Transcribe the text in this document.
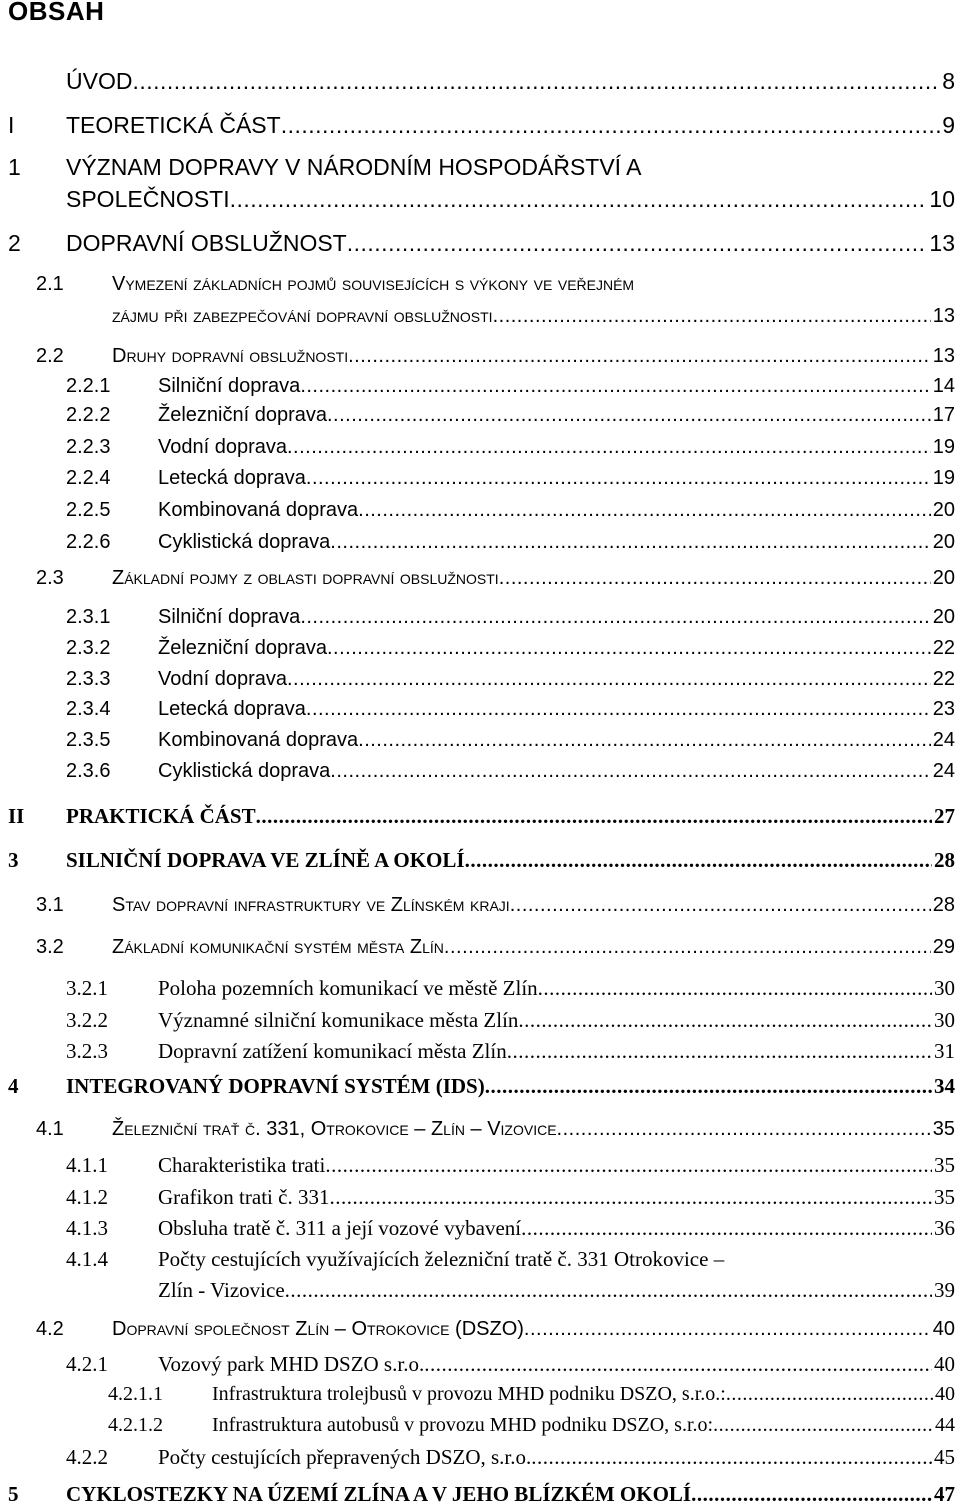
OBSAH
ÚVOD .....	8
I TEORETICKÁ ČÁST .....	9
1 VÝZNAM DOPRAVY V NÁRODNÍM HOSPODÁŘSTVÍ A
SPOLEČNOSTI .....	10
2 DOPRAVNÍ OBSLUŽNOST .....	13
2.1 Vymezení základních pojmů souvisejících s výkony ve veřejném
zájmu při zabezpečování dopravní obslužnosti .....	13
2.2 Druhy dopravní obslužnosti .....	13
2.2.1 Silniční doprava .....	14
2.2.2 Železniční doprava .....	17
2.2.3 Vodní doprava .....	19
2.2.4 Letecká doprava .....	19
2.2.5 Kombinovaná doprava .....	20
2.2.6 Cyklistická doprava .....	20
2.3 Základní pojmy z oblasti dopravní obslužnosti .....	20
2.3.1 Silniční doprava .....	20
2.3.2 Železniční doprava .....	22
2.3.3 Vodní doprava .....	22
2.3.4 Letecká doprava .....	23
2.3.5 Kombinovaná doprava .....	24
2.3.6 Cyklistická doprava .....	24
II PRAKTICKÁ ČÁST .....	27
3 SILNIČNÍ DOPRAVA VE ZLÍNĚ A OKOLÍ .....	28
3.1 Stav dopravní infrastruktury ve Zlínském kraji .....	28
3.2 Základní komunikační systém města Zlín .....	29
3.2.1 Poloha pozemních komunikací ve městě Zlín .....	30
3.2.2 Významné silniční komunikace města Zlín .....	30
3.2.3 Dopravní zatížení komunikací města Zlín .....	31
4 INTEGROVANÝ DOPRAVNÍ SYSTÉM (IDS) .....	34
4.1 Železniční trať č. 331, Otrokovice – Zlín – Vizovice .....	35
4.1.1 Charakteristika trati .....	35
4.1.2 Grafikon trati č. 331 .....	35
4.1.3 Obsluha tratě č. 311 a její vozové vybavení .....	36
4.1.4 Počty cestujících využívajících železniční tratě č. 331 Otrokovice –
Zlín - Vizovice .....	39
4.2 Dopravní společnost Zlín – Otrokovice (DSZO) .....	40
4.2.1 Vozový park MHD DSZO s.r.o. .....	40
4.2.1.1 Infrastruktura trolejbusů v provozu MHD podniku DSZO, s.r.o.: .....	40
4.2.1.2 Infrastruktura autobusů v provozu MHD podniku DSZO, s.r.o: .....	44
4.2.2 Počty cestujících přepravených DSZO, s.r.o. .....	45
5 CYKLOSTEZKY NA ÚZEMÍ ZLÍNA A V JEHO BLÍZKÉM OKOLÍ .....	47
